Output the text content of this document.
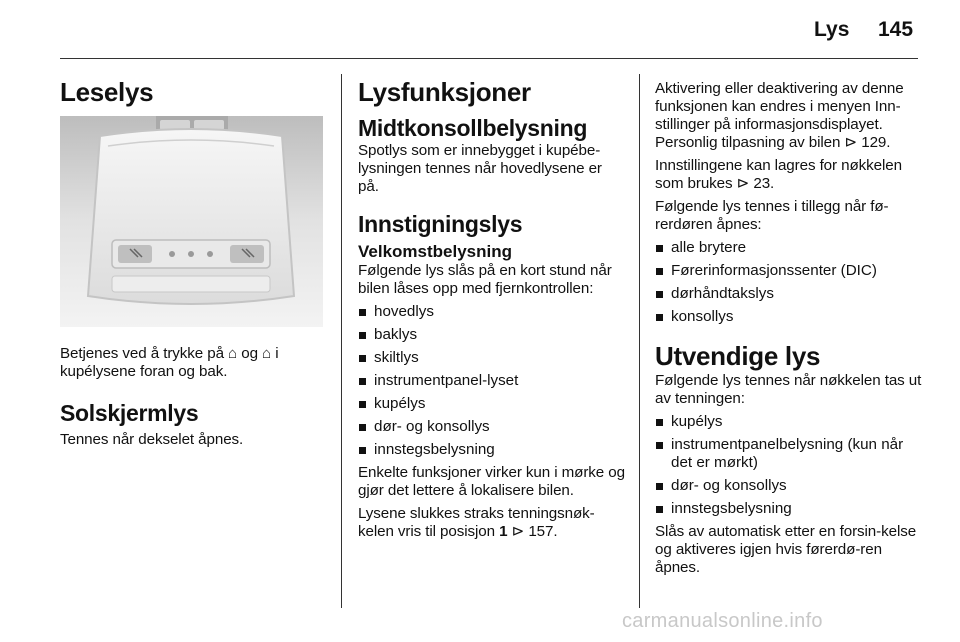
Lys 145
Leselys

Betjenes ved å trykke på ⌂ og ⌂ i kupélysene foran og bak.

Solskjermlys

Tennes når dekselet åpnes.

Lysfunksjoner
Midtkonsollbelysning

Spotlys som er innebygget i kupébe-lysningen tennes når hovedlysene er på.

Innstigningslys
Velkomstbelysning

Følgende lys slås på en kort stund når bilen låses opp med fjernkontrollen:

hovedlys
baklys
skiltlys
instrumentpanel-lyset
kupélys
dør- og konsollys
innstegsbelysning

Enkelte funksjoner virker kun i mørke og gjør det lettere å lokalisere bilen.

Lysene slukkes straks tenningsnøk-kelen vris til posisjon 1 ⊳ 157.

Aktivering eller deaktivering av denne funksjonen kan endres i menyen Inn-stillinger på informasjonsdisplayet. Personlig tilpasning av bilen ⊳ 129.

Innstillingene kan lagres for nøkkelen som brukes ⊳ 23.

Følgende lys tennes i tillegg når fø-rerdøren åpnes:

alle brytere
Førerinformasjonssenter (DIC)
dørhåndtakslys
konsollys
Utvendige lys

Følgende lys tennes når nøkkelen tas ut av tenningen:

kupélys
instrumentpanelbelysning (kun når det er mørkt)
dør- og konsollys
innstegsbelysning

Slås av automatisk etter en forsin-kelse og aktiveres igjen hvis førerdø-ren åpnes.

carmanualsonline.info
